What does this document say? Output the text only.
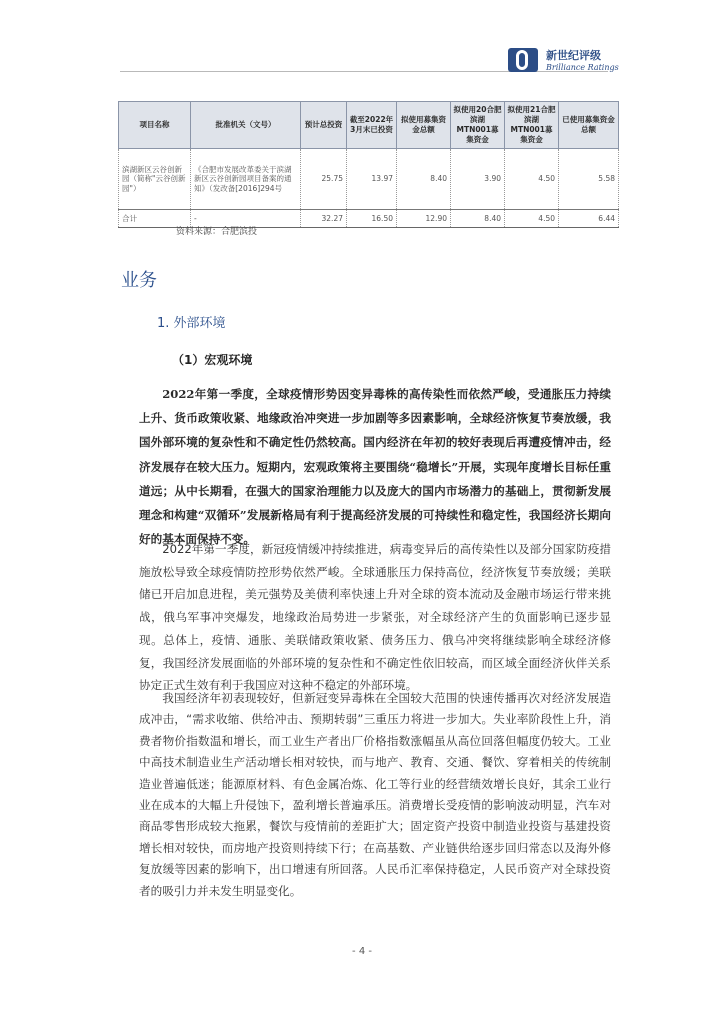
新世纪评级
Brilliance Ratings
项目名称	批准机关（文号）	预计总投资	截至2022年3月末已投资	拟使用募集资金总额	拟使用20合肥滨湖MTN001募集资金	拟使用21合肥滨湖MTN001募集资金	已使用募集资金总额
滨湖新区云谷创新园（简称"云谷创新园"）	《合肥市发展改革委关于滨湖新区云谷创新园项目备案的通知》（发改备[2016]294号	25.75	13.97	8.40	3.90	4.50	5.58
合计	-	32.27	16.50	12.90	8.40	4.50	6.44
资料来源：合肥滨投
业务
1. 外部环境
（1）宏观环境

2022年第一季度，全球疫情形势因变异毒株的高传染性而依然严峻，受通胀压力持续上升、货币政策收紧、地缘政治冲突进一步加剧等多因素影响，全球经济恢复节奏放缓，我国外部环境的复杂性和不确定性仍然较高。国内经济在年初的较好表现后再遭疫情冲击，经济发展存在较大压力。短期内，宏观政策将主要围绕“稳增长”开展，实现年度增长目标任重道远；从中长期看，在强大的国家治理能力以及庞大的国内市场潜力的基础上，贯彻新发展理念和构建“双循环”发展新格局有利于提高经济发展的可持续性和稳定性，我国经济长期向好的基本面保持不变。

2022年第一季度，新冠疫情缓冲持续推进，病毒变异后的高传染性以及部分国家防疫措施放松导致全球疫情防控形势依然严峻。全球通胀压力保持高位，经济恢复节奏放缓；美联储已开启加息进程，美元强势及美债利率快速上升对全球的资本流动及金融市场运行带来挑战，俄乌军事冲突爆发，地缘政治局势进一步紧张，对全球经济产生的负面影响已逐步显现。总体上，疫情、通胀、美联储政策收紧、债务压力、俄乌冲突将继续影响全球经济修复，我国经济发展面临的外部环境的复杂性和不确定性依旧较高，而区域全面经济伙伴关系协定正式生效有利于我国应对这种不稳定的外部环境。

我国经济年初表现较好，但新冠变异毒株在全国较大范围的快速传播再次对经济发展造成冲击，“需求收缩、供给冲击、预期转弱”三重压力将进一步加大。失业率阶段性上升，消费者物价指数温和增长，而工业生产者出厂价格指数涨幅虽从高位回落但幅度仍较大。工业中高技术制造业生产活动增长相对较快，而与地产、教育、交通、餐饮、穿着相关的传统制造业普遍低迷；能源原材料、有色金属冶炼、化工等行业的经营绩效增长良好，其余工业行业在成本的大幅上升侵蚀下，盈利增长普遍承压。消费增长受疫情的影响波动明显，汽车对商品零售形成较大拖累，餐饮与疫情前的差距扩大；固定资产投资中制造业投资与基建投资增长相对较快，而房地产投资则持续下行；在高基数、产业链供给逐步回归常态以及海外修复放缓等因素的影响下，出口增速有所回落。人民币汇率保持稳定，人民币资产对全球投资者的吸引力并未发生明显变化。

- 4 -
